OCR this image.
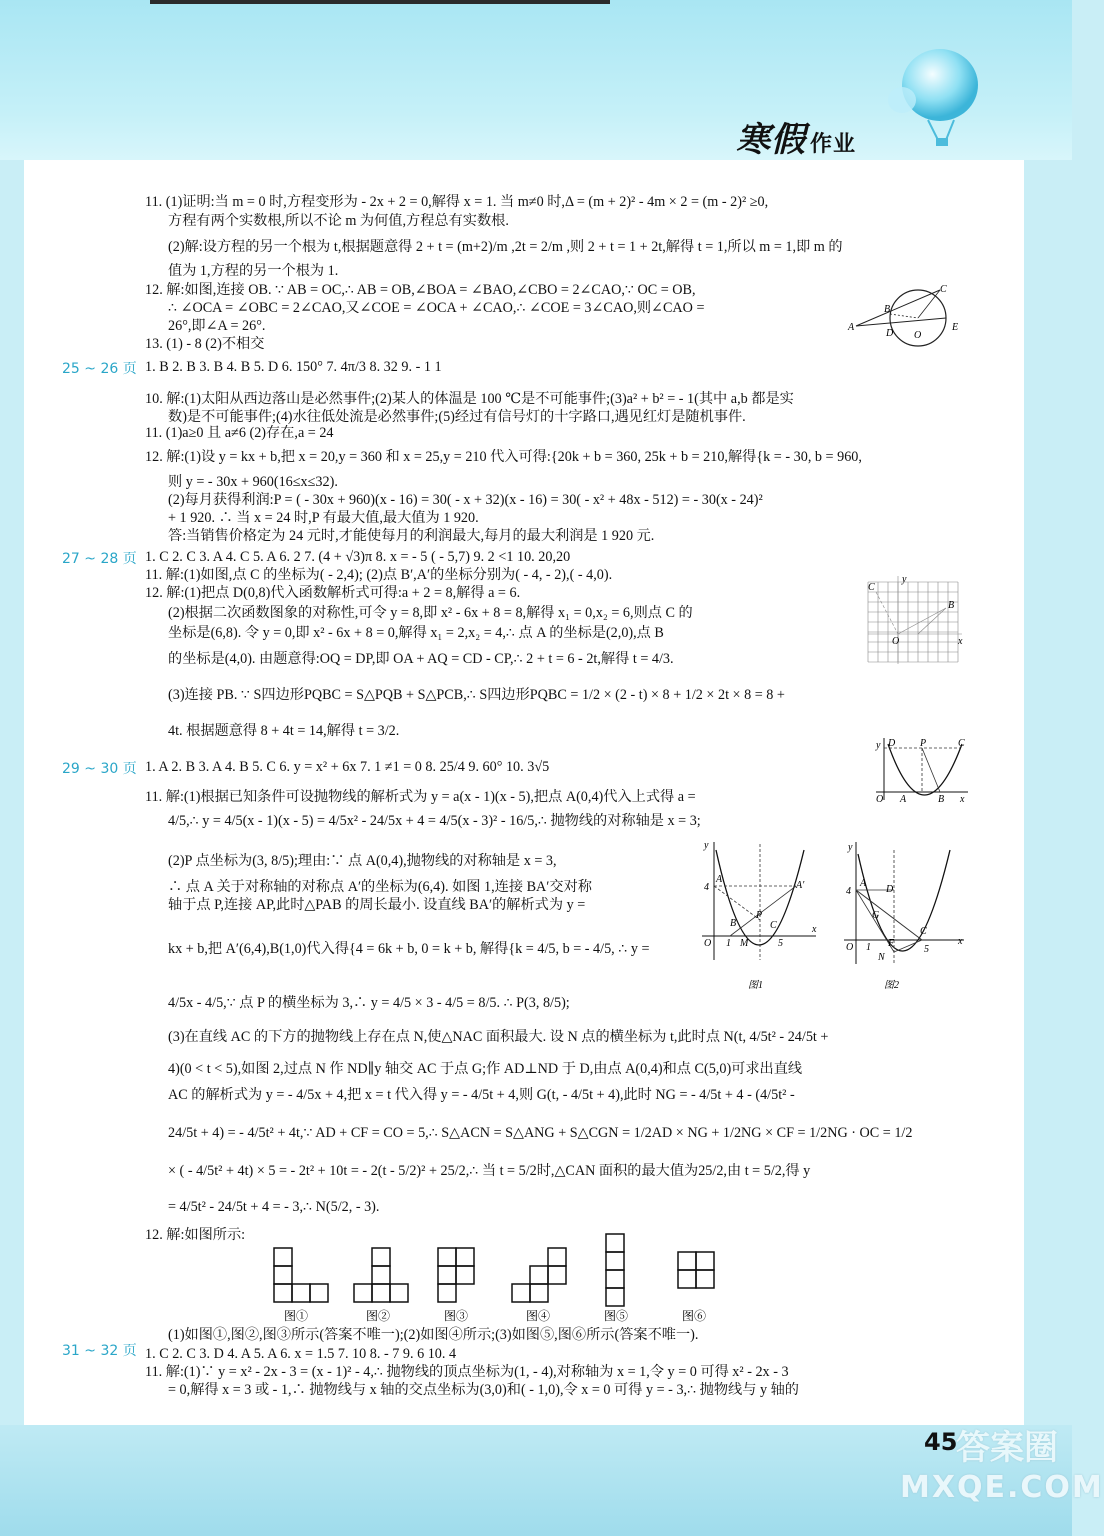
寒假 作业
25 ~ 26 页
27 ~ 28 页
29 ~ 30 页
31 ~ 32 页
11. (1)证明:当 m = 0 时,方程变形为 - 2x + 2 = 0,解得 x = 1. 当 m≠0 时,Δ = (m + 2)² - 4m × 2 = (m - 2)² ≥0,
方程有两个实数根,所以不论 m 为何值,方程总有实数根.
(2)解:设方程的另一个根为 t,根据题意得 2 + t = (m+2)/m ,2t = 2/m ,则 2 + t = 1 + 2t,解得 t = 1,所以 m = 1,即 m 的
值为 1,方程的另一个根为 1.
12. 解:如图,连接 OB. ∵ AB = OC,∴ AB = OB,∠BOA = ∠BAO,∠CBO = 2∠CAO,∵ OC = OB,
∴ ∠OCA = ∠OBC = 2∠CAO,又∠COE = ∠OCA + ∠CAO,∴ ∠COE = 3∠CAO,则∠CAO =
26°,即∠A = 26°.
13. (1) - 8 (2)不相交
1. B 2. B 3. B 4. B 5. D 6. 150° 7. 4π/3 8. 32 9. - 1 1
10. 解:(1)太阳从西边落山是必然事件;(2)某人的体温是 100 ℃是不可能事件;(3)a² + b² = - 1(其中 a,b 都是实
数)是不可能事件;(4)水往低处流是必然事件;(5)经过有信号灯的十字路口,遇见红灯是随机事件.
11. (1)a≥0 且 a≠6 (2)存在,a = 24
12. 解:(1)设 y = kx + b,把 x = 20,y = 360 和 x = 25,y = 210 代入可得:{20k + b = 360, 25k + b = 210,解得{k = - 30, b = 960,
则 y = - 30x + 960(16≤x≤32).
(2)每月获得利润:P = ( - 30x + 960)(x - 16) = 30( - x + 32)(x - 16) = 30( - x² + 48x - 512) = - 30(x - 24)²
+ 1 920. ∴ 当 x = 24 时,P 有最大值,最大值为 1 920.
答:当销售价格定为 24 元时,才能使每月的利润最大,每月的最大利润是 1 920 元.
1. C 2. C 3. A 4. C 5. A 6. 2 7. (4 + √3)π 8. x = - 5 ( - 5,7) 9. 2 <1 10. 20,20
11. 解:(1)如图,点 C 的坐标为( - 2,4); (2)点 B′,A′的坐标分别为( - 4, - 2),( - 4,0).
12. 解:(1)把点 D(0,8)代入函数解析式可得:a + 2 = 8,解得 a = 6.
(2)根据二次函数图象的对称性,可令 y = 8,即 x² - 6x + 8 = 8,解得 x₁ = 0,x₂ = 6,则点 C 的
坐标是(6,8). 令 y = 0,即 x² - 6x + 8 = 0,解得 x₁ = 2,x₂ = 4,∴ 点 A 的坐标是(2,0),点 B
的坐标是(4,0). 由题意得:OQ = DP,即 OA + AQ = CD - CP,∴ 2 + t = 6 - 2t,解得 t = 4/3.
(3)连接 PB. ∵ S四边形PQBC = S△PQB + S△PCB,∴ S四边形PQBC = 1/2 × (2 - t) × 8 + 1/2 × 2t × 8 = 8 +
4t. 根据题意得 8 + 4t = 14,解得 t = 3/2.
1. A 2. B 3. A 4. B 5. C 6. y = x² + 6x 7. 1 ≠1 = 0 8. 25/4 9. 60° 10. 3√5
11. 解:(1)根据已知条件可设抛物线的解析式为 y = a(x - 1)(x - 5),把点 A(0,4)代入上式得 a =
4/5,∴ y = 4/5(x - 1)(x - 5) = 4/5x² - 24/5x + 4 = 4/5(x - 3)² - 16/5,∴ 抛物线的对称轴是 x = 3;
(2)P 点坐标为(3, 8/5);理由:∵ 点 A(0,4),抛物线的对称轴是 x = 3,
∴ 点 A 关于对称轴的对称点 A′的坐标为(6,4). 如图 1,连接 BA′交对称
轴于点 P,连接 AP,此时△PAB 的周长最小. 设直线 BA′的解析式为 y =
kx + b,把 A′(6,4),B(1,0)代入得{4 = 6k + b, 0 = k + b, 解得{k = 4/5, b = - 4/5, ∴ y =
4/5x - 4/5,∵ 点 P 的横坐标为 3,∴ y = 4/5 × 3 - 4/5 = 8/5. ∴ P(3, 8/5);
(3)在直线 AC 的下方的抛物线上存在点 N,使△NAC 面积最大. 设 N 点的横坐标为 t,此时点 N(t, 4/5t² - 24/5t +
4)(0 < t < 5),如图 2,过点 N 作 ND∥y 轴交 AC 于点 G;作 AD⊥ND 于 D,由点 A(0,4)和点 C(5,0)可求出直线
AC 的解析式为 y = - 4/5x + 4,把 x = t 代入得 y = - 4/5t + 4,则 G(t, - 4/5t + 4),此时 NG = - 4/5t + 4 - (4/5t² -
24/5t + 4) = - 4/5t² + 4t,∵ AD + CF = CO = 5,∴ S△ACN = S△ANG + S△CGN = 1/2AD × NG + 1/2NG × CF = 1/2NG · OC = 1/2
× ( - 4/5t² + 4t) × 5 = - 2t² + 10t = - 2(t - 5/2)² + 25/2,∴ 当 t = 5/2时,△CAN 面积的最大值为25/2,由 t = 5/2,得 y
= 4/5t² - 24/5t + 4 = - 3,∴ N(5/2, - 3).
12. 解:如图所示:
(1)如图①,图②,图③所示(答案不唯一);(2)如图④所示;(3)如图⑤,图⑥所示(答案不唯一).
1. C 2. C 3. D 4. A 5. A 6. x = 1.5 7. 10 8. - 7 9. 6 10. 4
11. 解:(1)∵ y = x² - 2x - 3 = (x - 1)² - 4,∴ 抛物线的顶点坐标为(1, - 4),对称轴为 x = 1,令 y = 0 可得 x² - 2x - 3
= 0,解得 x = 3 或 - 1,∴ 抛物线与 x 轴的交点坐标为(3,0)和( - 1,0),令 x = 0 可得 y = - 3,∴ 抛物线与 y 轴的
A
B
C
D O
E
C
y
B
x
O
y D P	C
O A	B x
y
A
A′
P
B	C
M
O 1	5
4
x
图1
y
A
D
G
F
C
N
O 1	5
4
x
图2
图①	图②	图③	图④	图⑤	图⑥
45
答案圈
MXQE.COM
